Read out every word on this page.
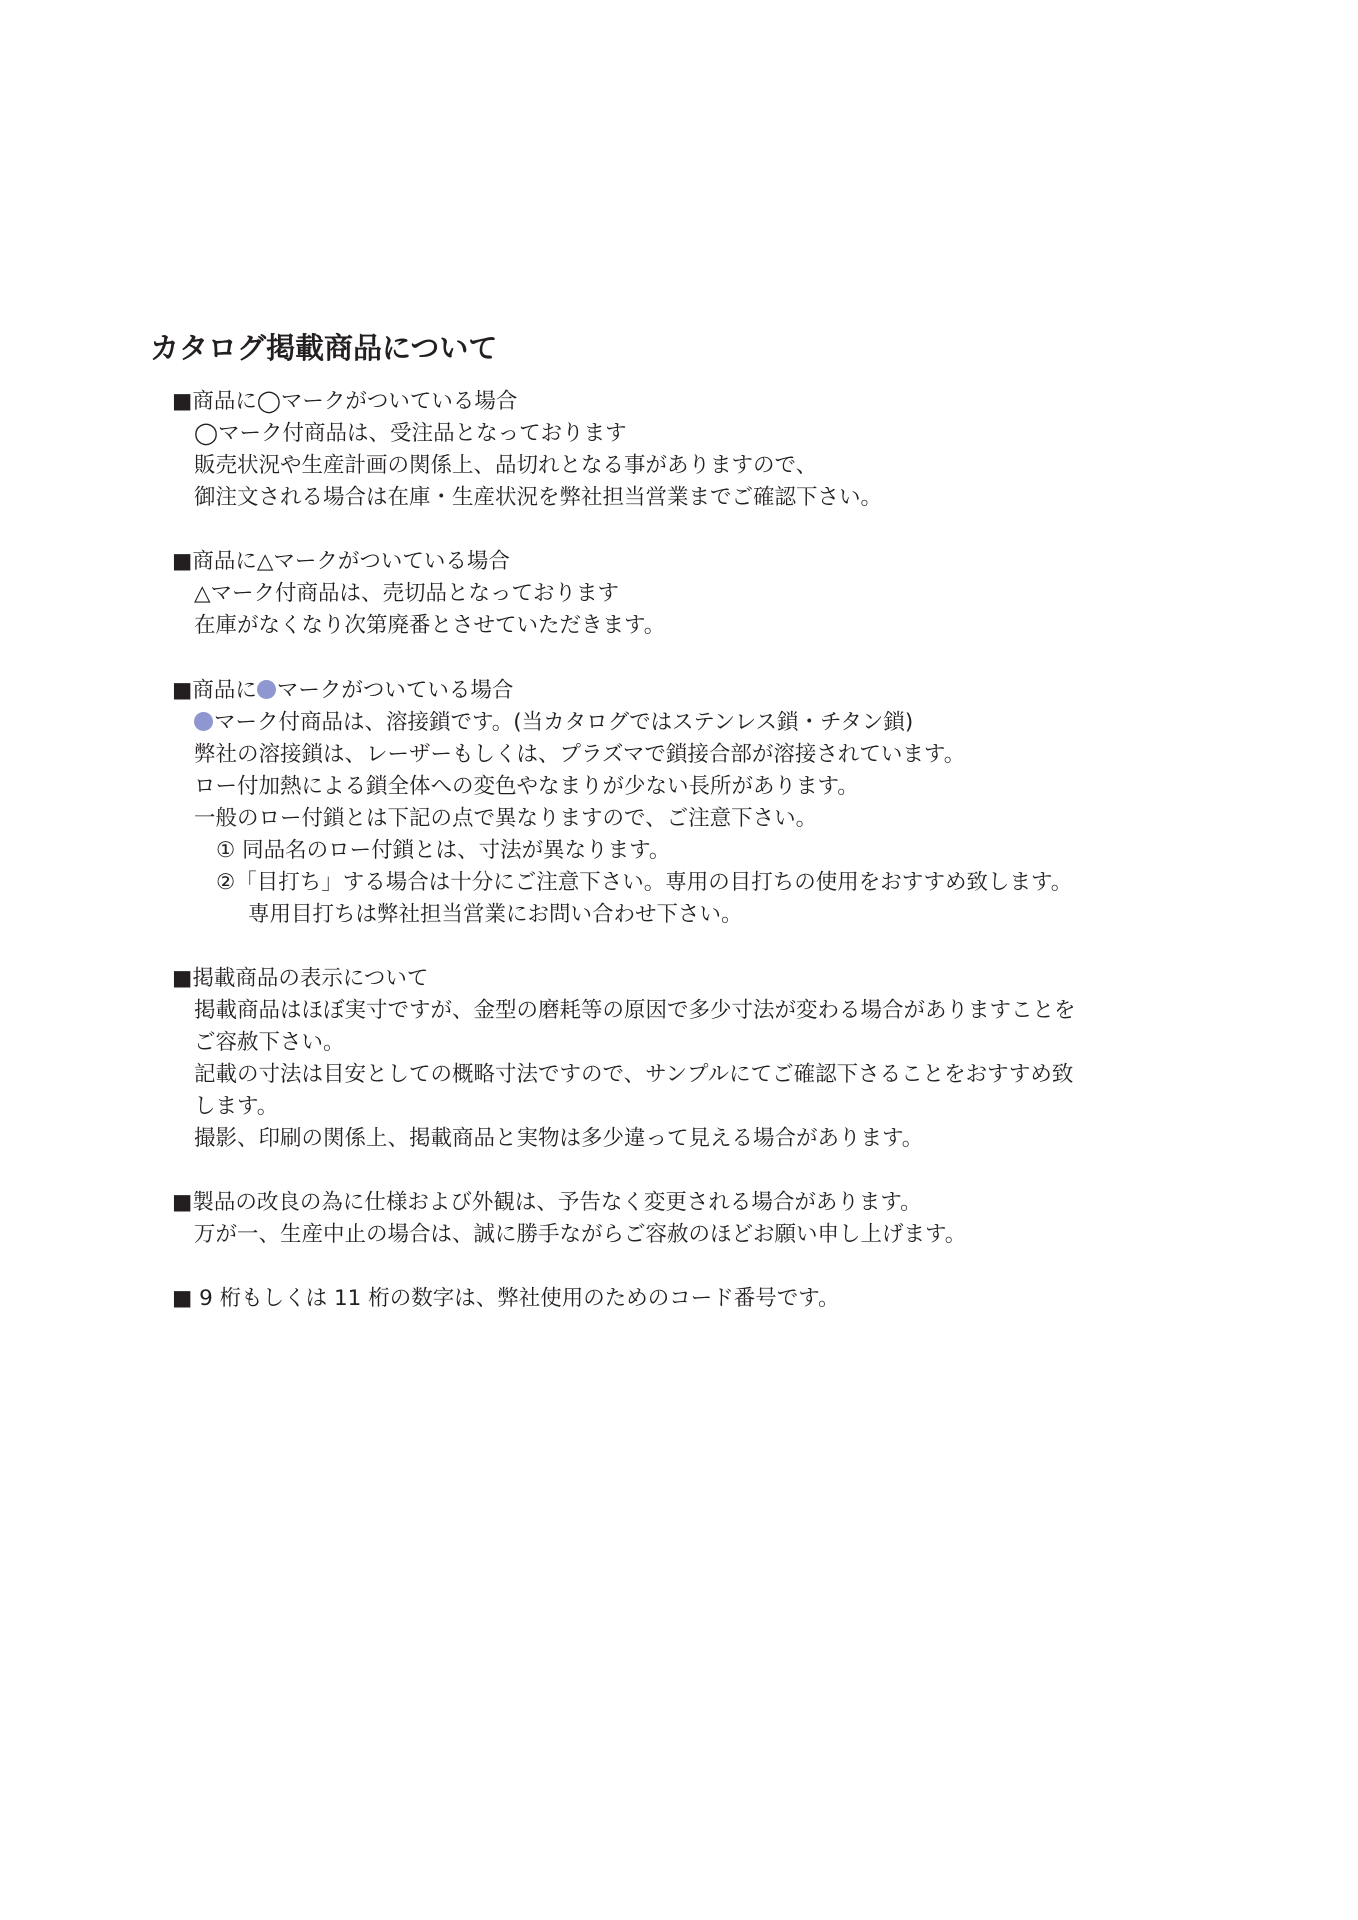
カタログ掲載商品について
■商品に◯マークがついている場合
◯マーク付商品は、受注品となっております
販売状況や生産計画の関係上、品切れとなる事がありますので、
御注文される場合は在庫・生産状況を弊社担当営業までご確認下さい。
■商品に△マークがついている場合
△マーク付商品は、売切品となっております
在庫がなくなり次第廃番とさせていただきます。
■商品に マークがついている場合
マーク付商品は、溶接鎖です。(当カタログではステンレス鎖・チタン鎖)
弊社の溶接鎖は、レーザーもしくは、プラズマで鎖接合部が溶接されています。
ロー付加熱による鎖全体への変色やなまりが少ない長所があります。
一般のロー付鎖とは下記の点で異なりますので、ご注意下さい。
① 同品名のロー付鎖とは、寸法が異なります。
②「目打ち」する場合は十分にご注意下さい。専用の目打ちの使用をおすすめ致します。
専用目打ちは弊社担当営業にお問い合わせ下さい。
■掲載商品の表示について
掲載商品はほぼ実寸ですが、金型の磨耗等の原因で多少寸法が変わる場合がありますことを
ご容赦下さい。
記載の寸法は目安としての概略寸法ですので、サンプルにてご確認下さることをおすすめ致
します。
撮影、印刷の関係上、掲載商品と実物は多少違って見える場合があります。
■製品の改良の為に仕様および外観は、予告なく変更される場合があります。
万が一、生産中止の場合は、誠に勝手ながらご容赦のほどお願い申し上げます。
■ 9 桁もしくは 11 桁の数字は、弊社使用のためのコード番号です。
